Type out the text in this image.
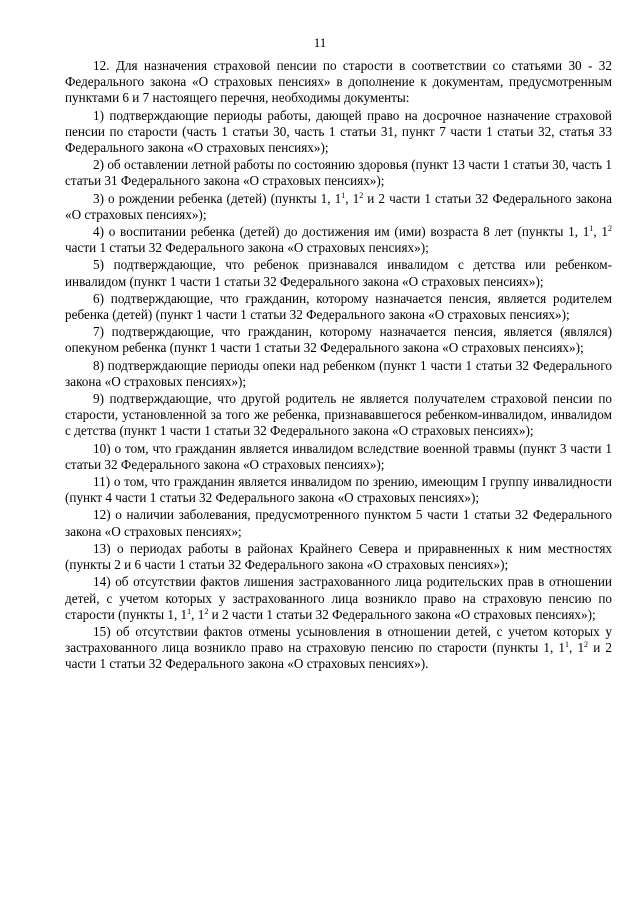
11

12. Для назначения страховой пенсии по старости в соответствии со статьями 30 - 32 Федерального закона «О страховых пенсиях» в дополнение к документам, предусмотренным пунктами 6 и 7 настоящего перечня, необходимы документы:

1) подтверждающие периоды работы, дающей право на досрочное назначение страховой пенсии по старости (часть 1 статьи 30, часть 1 статьи 31, пункт 7 части 1 статьи 32, статья 33 Федерального закона «О страховых пенсиях»);

2) об оставлении летной работы по состоянию здоровья (пункт 13 части 1 статьи 30, часть 1 статьи 31 Федерального закона «О страховых пенсиях»);

3) о рождении ребенка (детей) (пункты 1, $1^1$, $1^2$ и 2 части 1 статьи 32 Федерального закона «О страховых пенсиях»);

4) о воспитании ребенка (детей) до достижения им (ими) возраста 8 лет (пункты 1, $1^1$, $1^2$ части 1 статьи 32 Федерального закона «О страховых пенсиях»);

5) подтверждающие, что ребенок признавался инвалидом с детства или ребенком-инвалидом (пункт 1 части 1 статьи 32 Федерального закона «О страховых пенсиях»);

6) подтверждающие, что гражданин, которому назначается пенсия, является родителем ребенка (детей) (пункт 1 части 1 статьи 32 Федерального закона «О страховых пенсиях»);

7) подтверждающие, что гражданин, которому назначается пенсия, является (являлся) опекуном ребенка (пункт 1 части 1 статьи 32 Федерального закона «О страховых пенсиях»);

8) подтверждающие периоды опеки над ребенком (пункт 1 части 1 статьи 32 Федерального закона «О страховых пенсиях»);

9) подтверждающие, что другой родитель не является получателем страховой пенсии по старости, установленной за того же ребенка, признававшегося ребенком-инвалидом, инвалидом с детства (пункт 1 части 1 статьи 32 Федерального закона «О страховых пенсиях»);

10) о том, что гражданин является инвалидом вследствие военной травмы (пункт 3 части 1 статьи 32 Федерального закона «О страховых пенсиях»);

11) о том, что гражданин является инвалидом по зрению, имеющим I группу инвалидности (пункт 4 части 1 статьи 32 Федерального закона «О страховых пенсиях»);

12) о наличии заболевания, предусмотренного пунктом 5 части 1 статьи 32 Федерального закона «О страховых пенсиях»;

13) о периодах работы в районах Крайнего Севера и приравненных к ним местностях (пункты 2 и 6 части 1 статьи 32 Федерального закона «О страховых пенсиях»);

14) об отсутствии фактов лишения застрахованного лица родительских прав в отношении детей, с учетом которых у застрахованного лица возникло право на страховую пенсию по старости (пункты 1, $1^1$, $1^2$ и 2 части 1 статьи 32 Федерального закона «О страховых пенсиях»);

15) об отсутствии фактов отмены усыновления в отношении детей, с учетом которых у застрахованного лица возникло право на страховую пенсию по старости (пункты 1, $1^1$, $1^2$ и 2 части 1 статьи 32 Федерального закона «О страховых пенсиях»).
